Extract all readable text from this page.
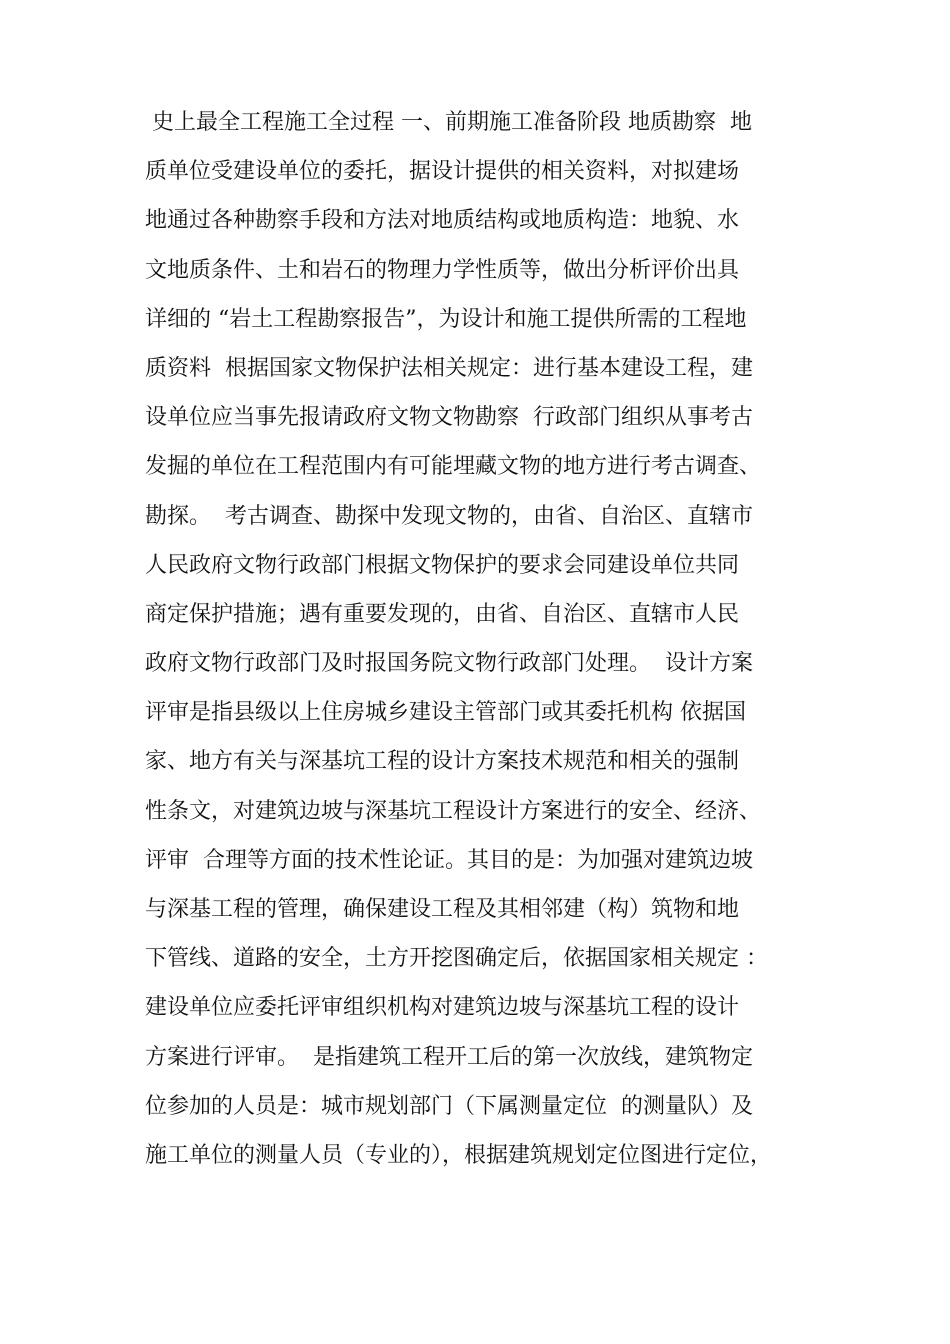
史上最全工程施工全过程 一、前期施工准备阶段 地质勘察  地
质单位受建设单位的委托，据设计提供的相关资料，对拟建场
地通过各种勘察手段和方法对地质结构或地质构造：地貌、水
文地质条件、土和岩石的物理力学性质等，做出分析评价出具
详细的 “岩土工程勘察报告”，为设计和施工提供所需的工程地
质资料  根据国家文物保护法相关规定：进行基本建设工程，建
设单位应当事先报请政府文物文物勘察  行政部门组织从事考古
发掘的单位在工程范围内有可能埋藏文物的地方进行考古调查、
勘探。  考古调查、勘探中发现文物的，由省、自治区、直辖市
人民政府文物行政部门根据文物保护的要求会同建设单位共同
商定保护措施；遇有重要发现的，由省、自治区、直辖市人民
政府文物行政部门及时报国务院文物行政部门处理。  设计方案
评审是指县级以上住房城乡建设主管部门或其委托机构 依据国
家、地方有关与深基坑工程的设计方案技术规范和相关的强制
性条文，对建筑边坡与深基坑工程设计方案进行的安全、经济、
评审  合理等方面的技术性论证。其目的是：为加强对建筑边坡
与深基工程的管理，确保建设工程及其相邻建（构）筑物和地
下管线、道路的安全，土方开挖图确定后，依据国家相关规定 ：
建设单位应委托评审组织机构对建筑边坡与深基坑工程的设计
方案进行评审。  是指建筑工程开工后的第一次放线，建筑物定
位参加的人员是：城市规划部门（下属测量定位  的测量队）及
施工单位的测量人员（专业的），根据建筑规划定位图进行定位，
